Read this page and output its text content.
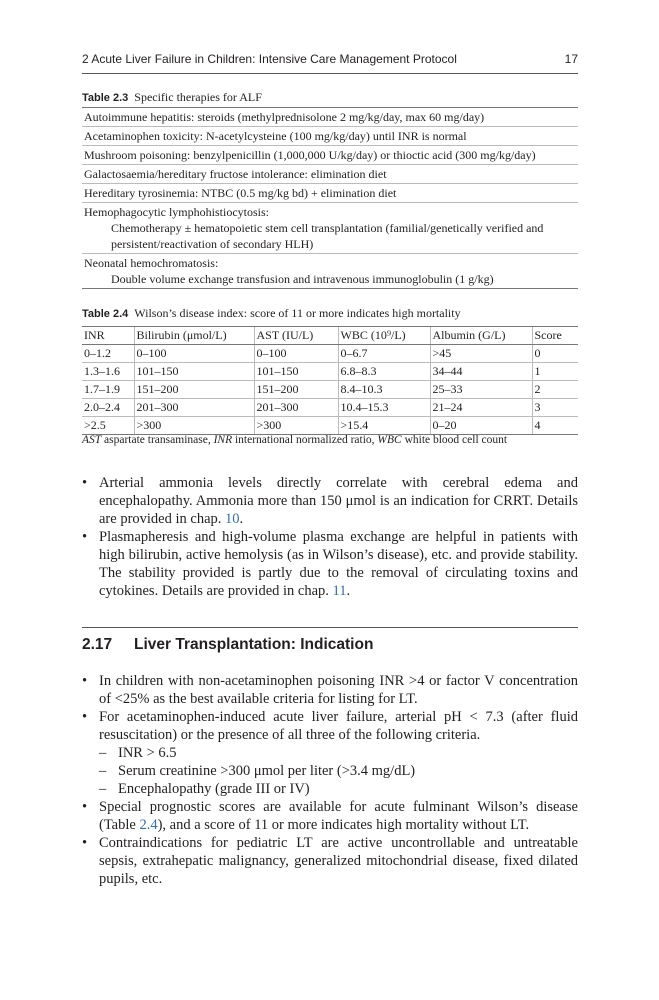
2 Acute Liver Failure in Children: Intensive Care Management Protocol	17
Table 2.3 Specific therapies for ALF
Autoimmune hepatitis: steroids (methylprednisolone 2 mg/kg/day, max 60 mg/day)
Acetaminophen toxicity: N-acetylcysteine (100 mg/kg/day) until INR is normal
Mushroom poisoning: benzylpenicillin (1,000,000 U/kg/day) or thioctic acid (300 mg/kg/day)
Galactosaemia/hereditary fructose intolerance: elimination diet
Hereditary tyrosinemia: NTBC (0.5 mg/kg bd) + elimination diet
Hemophagocytic lymphohistiocytosis:
Chemotherapy ± hematopoietic stem cell transplantation (familial/genetically verified and persistent/reactivation of secondary HLH)
Neonatal hemochromatosis:
Double volume exchange transfusion and intravenous immunoglobulin (1 g/kg)
Table 2.4 Wilson’s disease index: score of 11 or more indicates high mortality
INR	Bilirubin (μmol/L)	AST (IU/L)	WBC (10⁹/L)	Albumin (G/L)	Score
0–1.2	0–100	0–100	0–6.7	>45	0
1.3–1.6	101–150	101–150	6.8–8.3	34–44	1
1.7–1.9	151–200	151–200	8.4–10.3	25–33	2
2.0–2.4	201–300	201–300	10.4–15.3	21–24	3
>2.5	>300	>300	>15.4	0–20	4
AST aspartate transaminase, INR international normalized ratio, WBC white blood cell count

• Arterial ammonia levels directly correlate with cerebral edema and encephalopathy. Ammonia more than 150 μmol is an indication for CRRT. Details are provided in chap. 10.

• Plasmapheresis and high-volume plasma exchange are helpful in patients with high bilirubin, active hemolysis (as in Wilson’s disease), etc. and provide stability. The stability provided is partly due to the removal of circulating toxins and cytokines. Details are provided in chap. 11.

2.17 Liver Transplantation: Indication

• In children with non-acetaminophen poisoning INR >4 or factor V concentration of <25% as the best available criteria for listing for LT.

• For acetaminophen-induced acute liver failure, arterial pH < 7.3 (after fluid resuscitation) or the presence of all three of the following criteria.

– INR > 6.5

– Serum creatinine >300 μmol per liter (>3.4 mg/dL)

– Encephalopathy (grade III or IV)

• Special prognostic scores are available for acute fulminant Wilson’s disease (Table 2.4), and a score of 11 or more indicates high mortality without LT.

• Contraindications for pediatric LT are active uncontrollable and untreatable sepsis, extrahepatic malignancy, generalized mitochondrial disease, fixed dilated pupils, etc.
